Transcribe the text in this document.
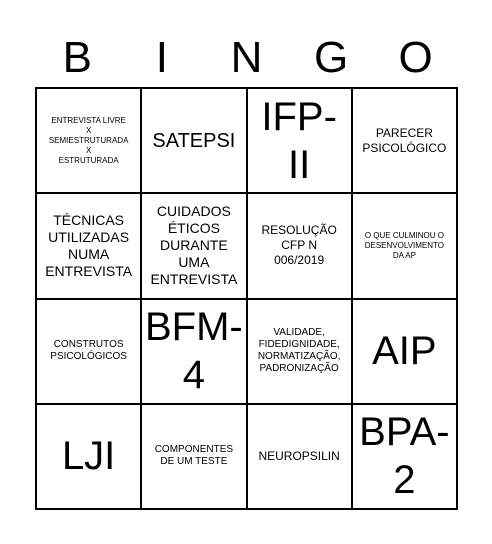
B	I	N	G	O
ENTREVISTA LIVRE
X
SEMIESTRUTURADA
X
ESTRUTURADA
SATEPSI
IFP-
II
PARECER
PSICOLÓGICO
TÉCNICAS
UTILIZADAS
NUMA
ENTREVISTA
CUIDADOS
ÉTICOS
DURANTE
UMA
ENTREVISTA
RESOLUÇÃO
CFP N
006/2019
O QUE CULMINOU O
DESENVOLVIMENTO
DA AP
CONSTRUTOS
PSICOLÓGICOS
BFM-
4
VALIDADE,
FIDEDIGNIDADE,
NORMATIZAÇÃO,
PADRONIZAÇÃO AIP
LJI	COMPONENTES
DE UM TESTE	NEUROPSILIN
BPA-
2
